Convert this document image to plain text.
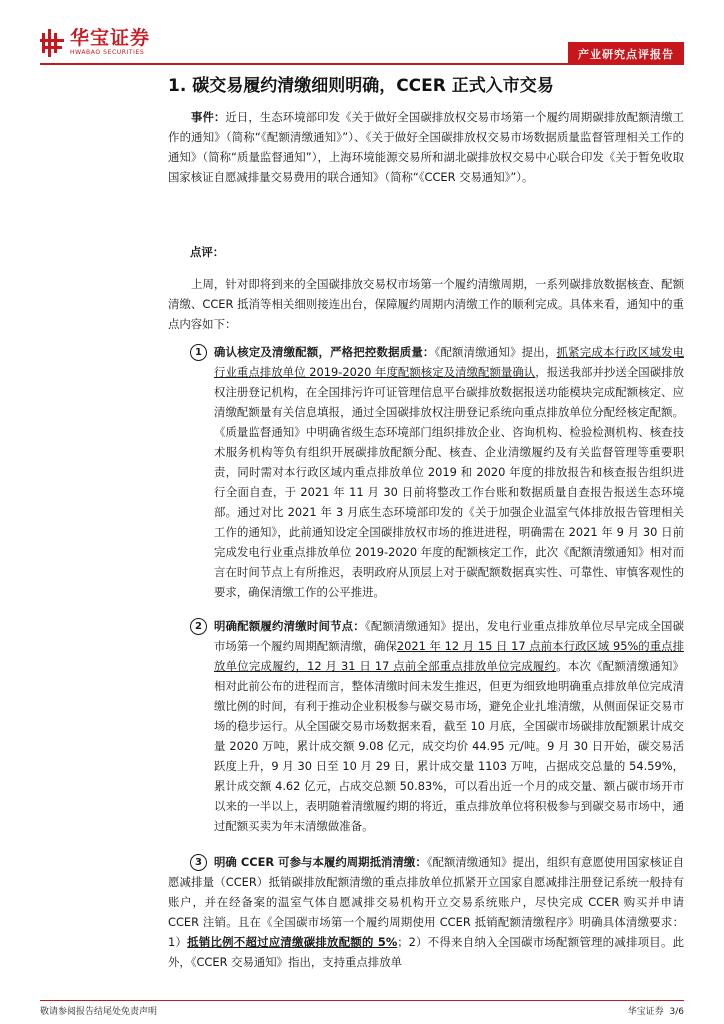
华宝证券
HWABAO SECURITIES	产业研究点评报告
1. 碳交易履约清缴细则明确，CCER 正式入市交易

事件：近日，生态环境部印发《关于做好全国碳排放权交易市场第一个履约周期碳排放配额清缴工作的通知》（简称“《配额清缴通知》”）、《关于做好全国碳排放权交易市场数据质量监督管理相关工作的通知》（简称“质量监督通知”），上海环境能源交易所和湖北碳排放权交易中心联合印发《关于暂免收取国家核证自愿减排量交易费用的联合通知》（简称“《CCER 交易通知》”）。

点评：

上周，针对即将到来的全国碳排放交易权市场第一个履约清缴周期，一系列碳排放数据核查、配额清缴、CCER 抵消等相关细则接连出台，保障履约周期内清缴工作的顺利完成。具体来看，通知中的重点内容如下：

1	确认核定及清缴配额，严格把控数据质量：《配额清缴通知》提出，抓紧完成本行政区域发电行业重点排放单位 2019-2020 年度配额核定及清缴配额量确认，报送我部并抄送全国碳排放权注册登记机构，在全国排污许可证管理信息平台碳排放数据报送功能模块完成配额核定、应清缴配额量有关信息填报，通过全国碳排放权注册登记系统向重点排放单位分配经核定配额。《质量监督通知》中明确省级生态环境部门组织排放企业、咨询机构、检验检测机构、核查技术服务机构等负有组织开展碳排放配额分配、核查、企业清缴履约及有关监督管理等重要职责，同时需对本行政区域内重点排放单位 2019 和 2020 年度的排放报告和核查报告组织进行全面自查，于 2021 年 11 月 30 日前将整改工作台账和数据质量自查报告报送生态环境部。通过对比 2021 年 3 月底生态环境部印发的《关于加强企业温室气体排放报告管理相关工作的通知》，此前通知设定全国碳排放权市场的推进进程，明确需在 2021 年 9 月 30 日前完成发电行业重点排放单位 2019-2020 年度的配额核定工作，此次《配额清缴通知》相对而言在时间节点上有所推迟，表明政府从顶层上对于碳配额数据真实性、可靠性、审慎客观性的要求，确保清缴工作的公平推进。
2	明确配额履约清缴时间节点：《配额清缴通知》提出，发电行业重点排放单位尽早完成全国碳市场第一个履约周期配额清缴，确保2021 年 12 月 15 日 17 点前本行政区域 95%的重点排放单位完成履约，12 月 31 日 17 点前全部重点排放单位完成履约。本次《配额清缴通知》相对此前公布的进程而言，整体清缴时间未发生推迟，但更为细致地明确重点排放单位完成清缴比例的时间，有利于推动企业积极参与碳交易市场，避免企业扎堆清缴，从侧面保证交易市场的稳步运行。从全国碳交易市场数据来看，截至 10 月底，全国碳市场碳排放配额累计成交量 2020 万吨，累计成交额 9.08 亿元，成交均价 44.95 元/吨。9 月 30 日开始，碳交易活跃度上升，9 月 30 日至 10 月 29 日，累计成交量 1103 万吨，占据成交总量的 54.59%，累计成交额 4.62 亿元，占成交总额 50.83%，可以看出近一个月的成交量、额占碳市场开市以来的一半以上，表明随着清缴履约期的将近，重点排放单位将积极参与到碳交易市场中，通过配额买卖为年末清缴做准备。
3	明确 CCER 可参与本履约周期抵消清缴：《配额清缴通知》提出，组织有意愿使用国家核证自愿减排量（CCER）抵销碳排放配额清缴的重点排放单位抓紧开立国家自愿减排注册登记系统一般持有账户，并在经备案的温室气体自愿减排交易机构开立交易系统账户，尽快完成 CCER 购买并申请 CCER 注销。且在《全国碳市场第一个履约周期使用 CCER 抵销配额清缴程序》明确具体清缴要求：1）抵销比例不超过应清缴碳排放配额的 5%；2）不得来自纳入全国碳市场配额管理的减排项目。此外，《CCER 交易通知》指出，支持重点排放单
敬请参阅报告结尾处免责声明	华宝证券 3/6
